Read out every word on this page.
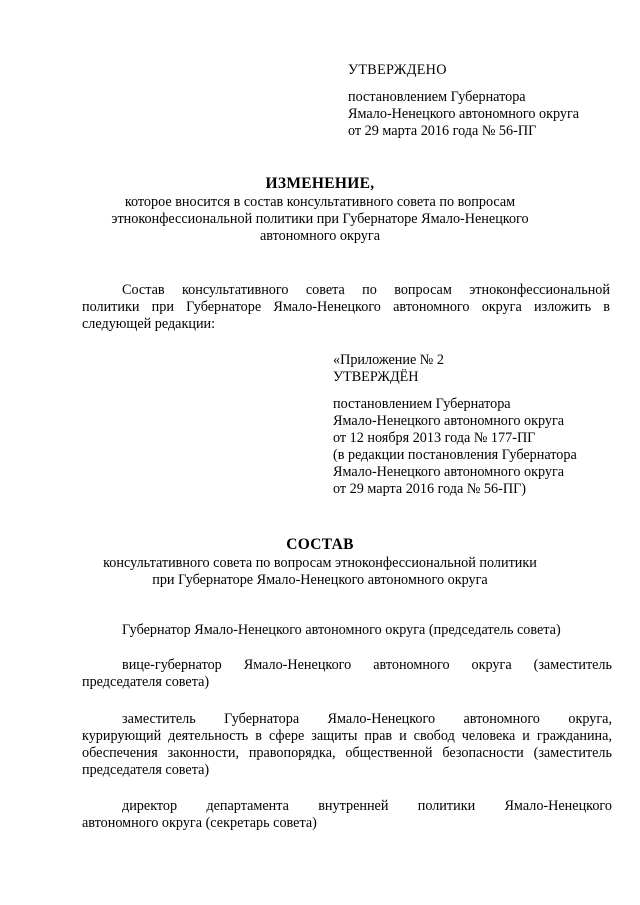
УТВЕРЖДЕНО
постановлением Губернатора
Ямало-Ненецкого автономного округа
от 29 марта 2016 года № 56-ПГ
ИЗМЕНЕНИЕ,
которое вносится в состав консультативного совета по вопросам
этноконфессиональной политики при Губернаторе Ямало-Ненецкого
автономного округа
Состав консультативного совета по вопросам этноконфессиональной
политики при Губернаторе Ямало-Ненецкого автономного округа изложить в
следующей редакции:
«Приложение № 2
УТВЕРЖДЁН
постановлением Губернатора
Ямало-Ненецкого автономного округа
от 12 ноября 2013 года № 177-ПГ
(в редакции постановления Губернатора
Ямало-Ненецкого автономного округа
от 29 марта 2016 года № 56-ПГ)
СОСТАВ
консультативного совета по вопросам этноконфессиональной политики
при Губернаторе Ямало-Ненецкого автономного округа
Губернатор Ямало-Ненецкого автономного округа (председатель совета)
вице-губернатор Ямало-Ненецкого автономного округа (заместитель
председателя совета)
заместитель Губернатора Ямало-Ненецкого автономного округа,
курирующий деятельность в сфере защиты прав и свобод человека и гражданина,
обеспечения законности, правопорядка, общественной безопасности (заместитель
председателя совета)
директор департамента внутренней политики Ямало-Ненецкого
автономного округа (секретарь совета)
